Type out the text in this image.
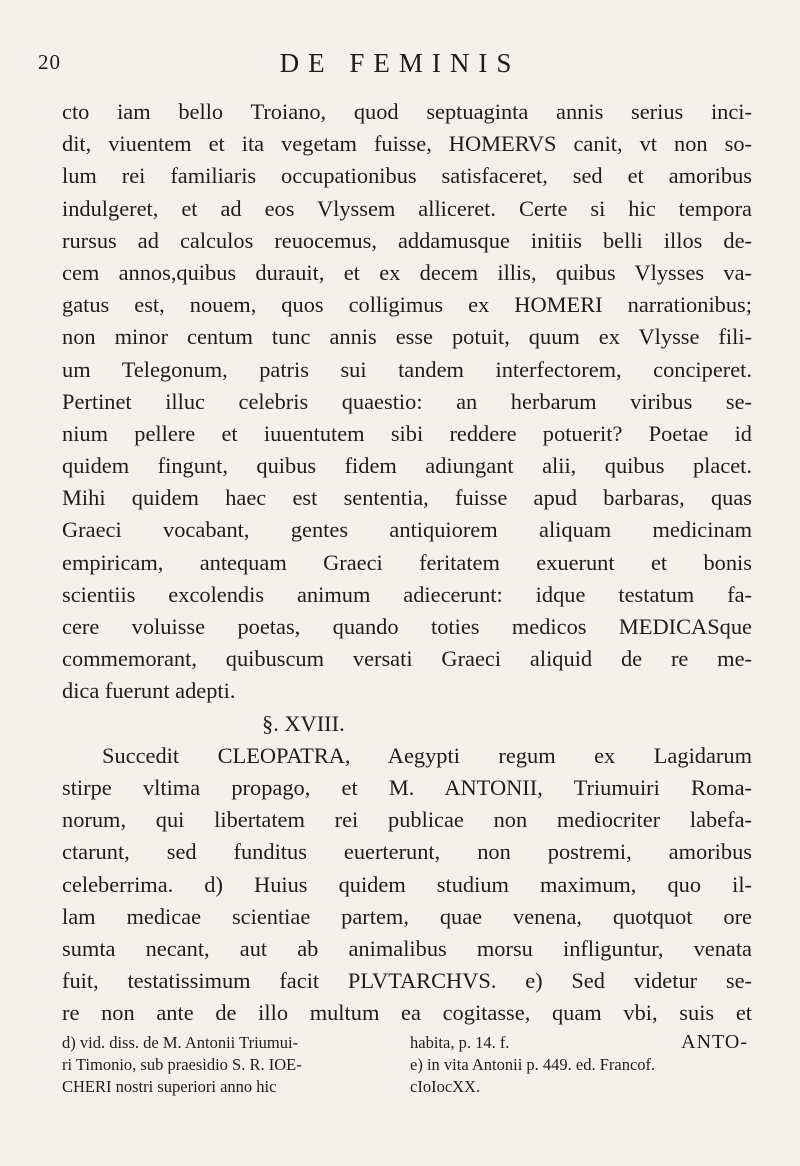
20	DE FEMINIS
cto iam bello Troiano, quod septuaginta annis serius inci-
dit, viuentem et ita vegetam fuisse, HOMERVS canit, vt non so-
lum rei familiaris occupationibus satisfaceret, sed et amoribus
indulgeret, et ad eos Vlyssem alliceret. Certe si hic tempora
rursus ad calculos reuocemus, addamusque initiis belli illos de-
cem annos,quibus durauit, et ex decem illis, quibus Vlysses va-
gatus est, nouem, quos colligimus ex HOMERI narrationibus;
non minor centum tunc annis esse potuit, quum ex Vlysse fili-
um Telegonum, patris sui tandem interfectorem, conciperet.
Pertinet illuc celebris quaestio: an herbarum viribus se-
nium pellere et iuuentutem sibi reddere potuerit? Poetae id
quidem fingunt, quibus fidem adiungant alii, quibus placet.
Mihi quidem haec est sententia, fuisse apud barbaras, quas
Graeci vocabant, gentes antiquiorem aliquam medicinam
empiricam, antequam Graeci feritatem exuerunt et bonis
scientiis excolendis animum adiecerunt: idque testatum fa-
cere voluisse poetas, quando toties medicos MEDICASque
commemorant, quibuscum versati Graeci aliquid de re me-
dica fuerunt adepti.
§. XVIII.
Succedit CLEOPATRA, Aegypti regum ex Lagidarum
stirpe vltima propago, et M. ANTONII, Triumuiri Roma-
norum, qui libertatem rei publicae non mediocriter labefa-
ctarunt, sed funditus euerterunt, non postremi, amoribus
celeberrima. d) Huius quidem studium maximum, quo il-
lam medicae scientiae partem, quae venena, quotquot ore
sumta necant, aut ab animalibus morsu infliguntur, venata
fuit, testatissimum facit PLVTARCHVS. e) Sed videtur se-
re non ante de illo multum ea cogitasse, quam vbi, suis et
ANTO-
d) vid. diss. de M. Antonii Triumui-
ri Timonio, sub praesidio S. R. IOE-
CHERI nostri superiori anno hic
habita, p. 14. f.
e) in vita Antonii p. 449. ed. Francof.
cIoIocXX.
